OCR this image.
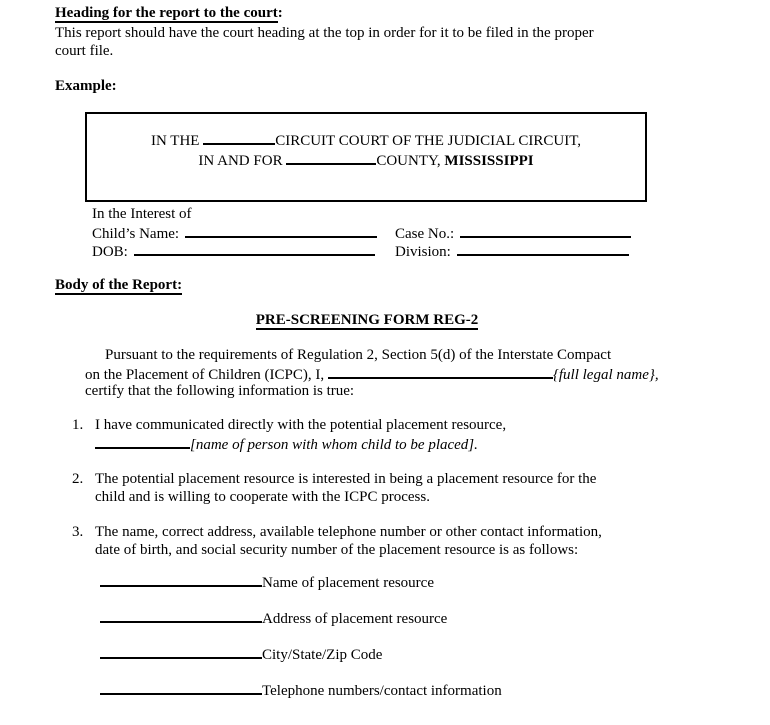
Heading for the report to the court:
This report should have the court heading at the top in order for it to be filed in the proper
court file.
Example:
IN THE	CIRCUIT COURT OF THE JUDICIAL CIRCUIT,
IN AND FOR	COUNTY, MISSISSIPPI
In the Interest of
Child’s Name:	Case No.:
DOB:	Division:
Body of the Report:
PRE-SCREENING FORM REG-2
Pursuant to the requirements of Regulation 2, Section 5(d) of the Interstate Compact
on the Placement of Children (ICPC), I,	{full legal name},
certify that the following information is true:
1. I have communicated directly with the potential placement resource,
[name of person with whom child to be placed].
2. The potential placement resource is interested in being a placement resource for the
child and is willing to cooperate with the ICPC process.
3. The name, correct address, available telephone number or other contact information,
date of birth, and social security number of the placement resource is as follows:
Name of placement resource
Address of placement resource
City/State/Zip Code
Telephone numbers/contact information
